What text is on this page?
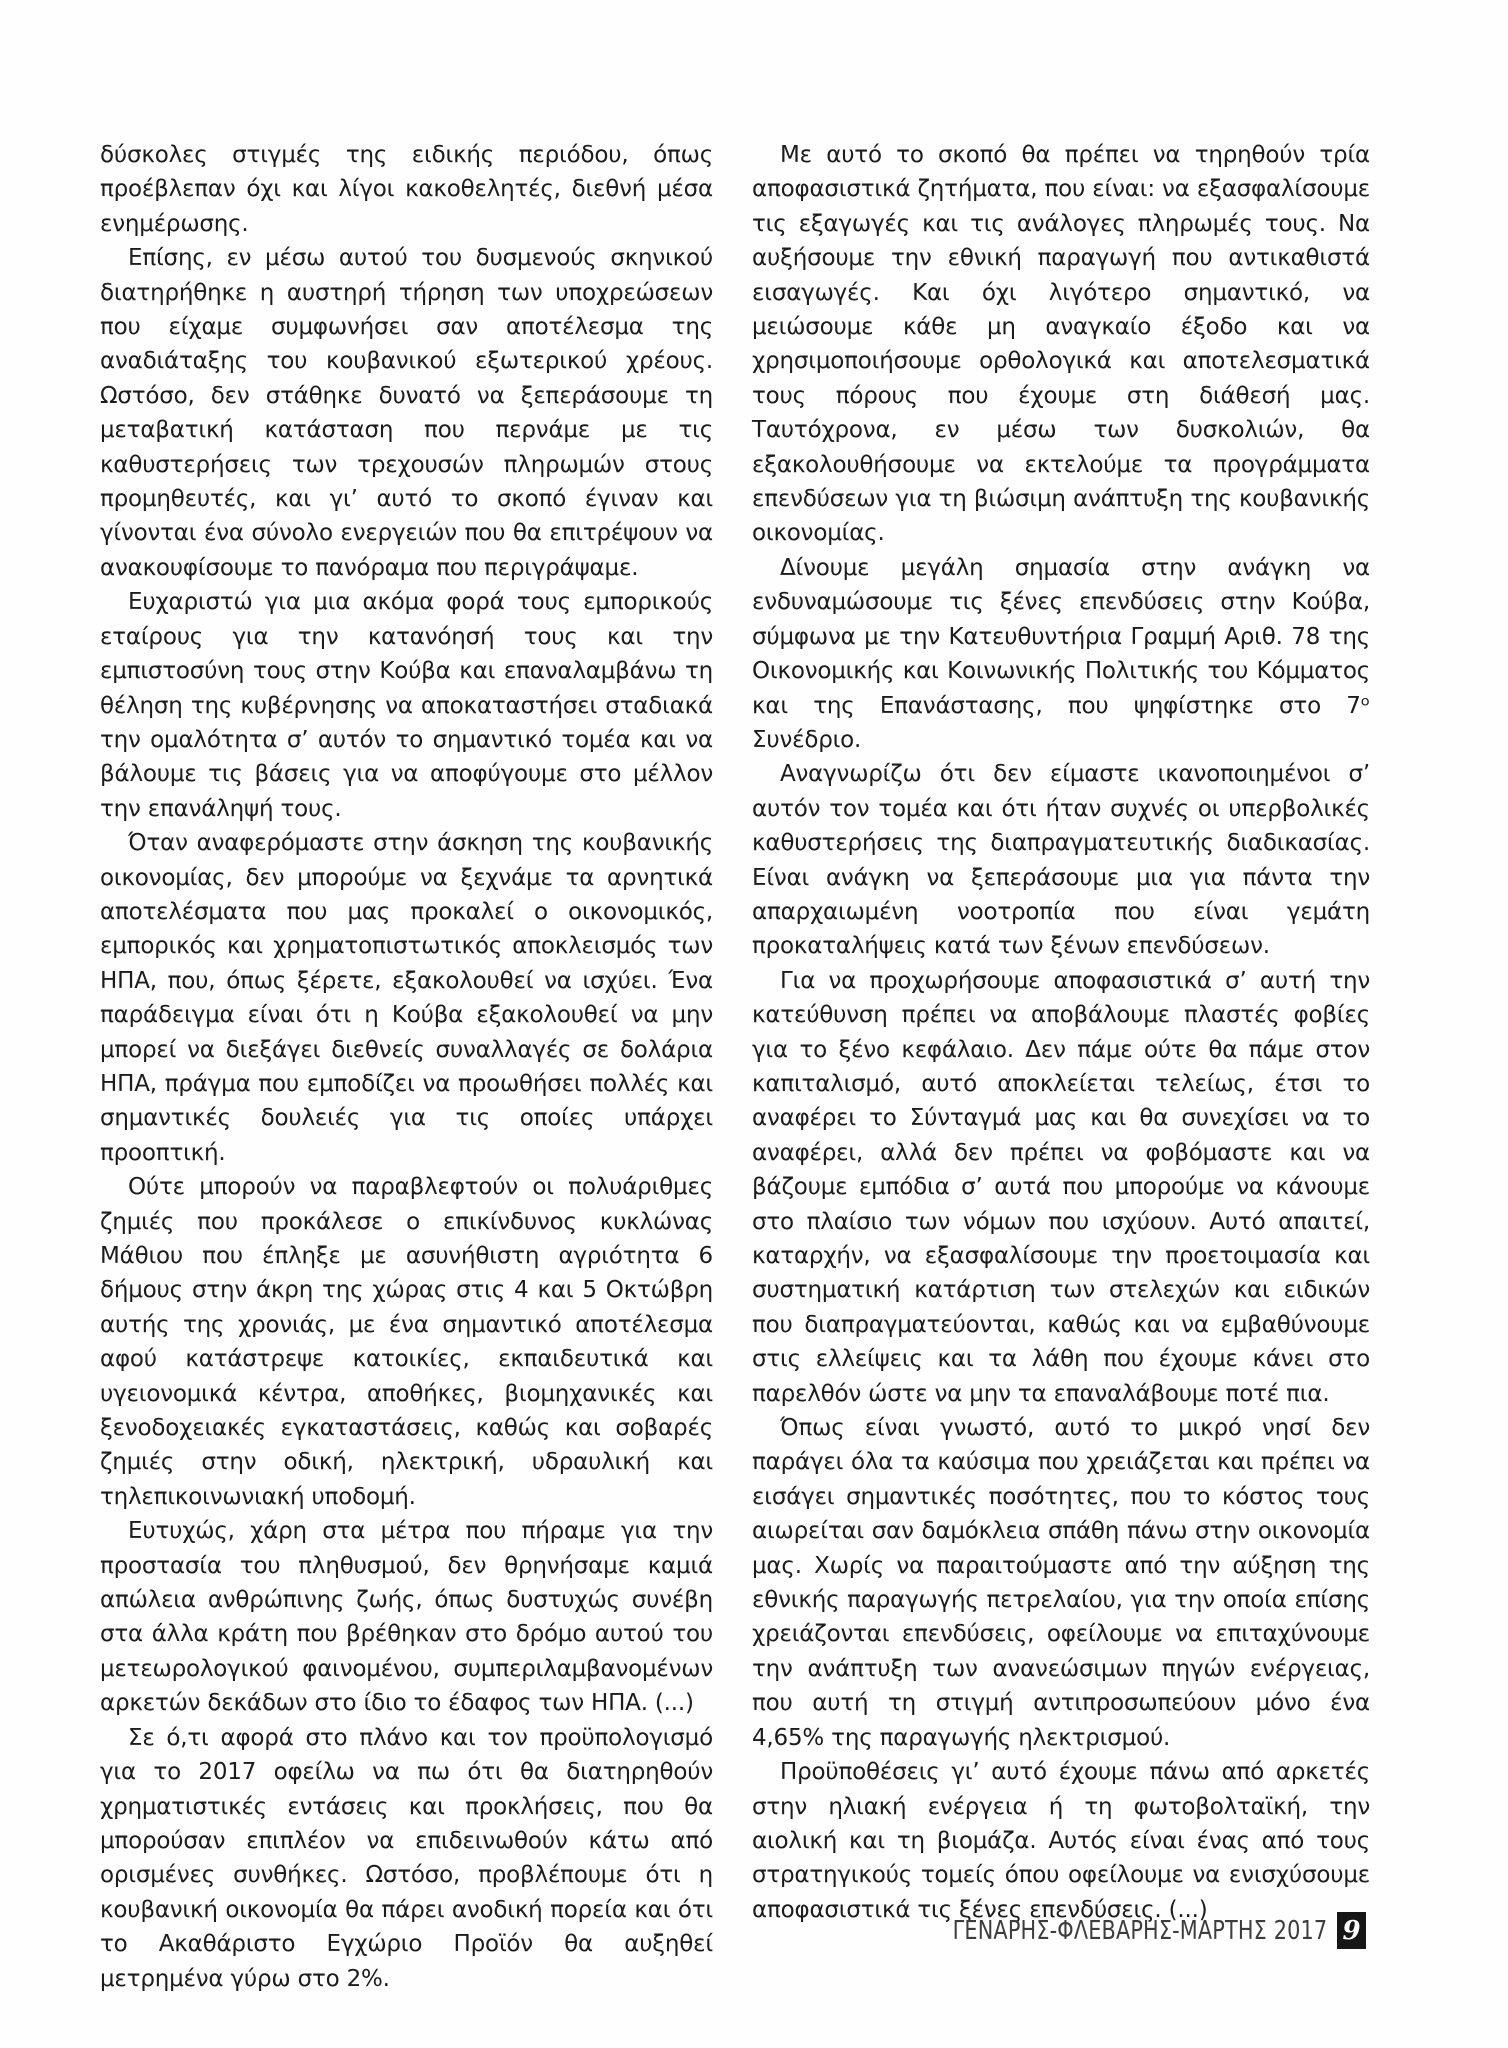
δύσκολες στιγμές της ειδικής περιόδου, όπως προέβλεπαν όχι και λίγοι κακοθελητές, διεθνή μέσα ενημέρωσης.

Επίσης, εν μέσω αυτού του δυσμενούς σκηνικού διατηρήθηκε η αυστηρή τήρηση των υποχρεώσεων που είχαμε συμφωνήσει σαν αποτέλεσμα της αναδιάταξης του κουβανικού εξωτερικού χρέους. Ωστόσο, δεν στάθηκε δυνατό να ξεπεράσουμε τη μεταβατική κατάσταση που περνάμε με τις καθυστερήσεις των τρεχουσών πληρωμών στους προμηθευτές, και γι’ αυτό το σκοπό έγιναν και γίνονται ένα σύνολο ενεργειών που θα επιτρέψουν να ανακουφίσουμε το πανόραμα που περιγράψαμε.

Ευχαριστώ για μια ακόμα φορά τους εμπορικούς εταίρους για την κατανόησή τους και την εμπιστοσύνη τους στην Κούβα και επαναλαμβάνω τη θέληση της κυβέρνησης να αποκαταστήσει σταδιακά την ομαλότητα σ’ αυτόν το σημαντικό τομέα και να βάλουμε τις βάσεις για να αποφύγουμε στο μέλλον την επανάληψή τους.

Όταν αναφερόμαστε στην άσκηση της κουβανικής οικονομίας, δεν μπορούμε να ξεχνάμε τα αρνητικά αποτελέσματα που μας προκαλεί ο οικονομικός, εμπορικός και χρηματοπιστωτικός αποκλεισμός των ΗΠΑ, που, όπως ξέρετε, εξακολουθεί να ισχύει. Ένα παράδειγμα είναι ότι η Κούβα εξακολουθεί να μην μπορεί να διεξάγει διεθνείς συναλλαγές σε δολάρια ΗΠΑ, πράγμα που εμποδίζει να προωθήσει πολλές και σημαντικές δουλειές για τις οποίες υπάρχει προοπτική.

Ούτε μπορούν να παραβλεφτούν οι πολυάριθμες ζημιές που προκάλεσε ο επικίνδυνος κυκλώνας Μάθιου που έπληξε με ασυνήθιστη αγριότητα 6 δήμους στην άκρη της χώρας στις 4 και 5 Οκτώβρη αυτής της χρονιάς, με ένα σημαντικό αποτέλεσμα αφού κατάστρεψε κατοικίες, εκπαιδευτικά και υγειονομικά κέντρα, αποθήκες, βιομηχανικές και ξενοδοχειακές εγκαταστάσεις, καθώς και σοβαρές ζημιές στην οδική, ηλεκτρική, υδραυλική και τηλεπικοινωνιακή υποδομή.

Ευτυχώς, χάρη στα μέτρα που πήραμε για την προστασία του πληθυσμού, δεν θρηνήσαμε καμιά απώλεια ανθρώπινης ζωής, όπως δυστυχώς συνέβη στα άλλα κράτη που βρέθηκαν στο δρόμο αυτού του μετεωρολογικού φαινομένου, συμπεριλαμβανομένων αρκετών δεκάδων στο ίδιο το έδαφος των ΗΠΑ. (...)

Σε ό,τι αφορά στο πλάνο και τον προϋπολογισμό για το 2017 οφείλω να πω ότι θα διατηρηθούν χρηματιστικές εντάσεις και προκλήσεις, που θα μπορούσαν επιπλέον να επιδεινωθούν κάτω από ορισμένες συνθήκες. Ωστόσο, προβλέπουμε ότι η κουβανική οικονομία θα πάρει ανοδική πορεία και ότι το Ακαθάριστο Εγχώριο Προϊόν θα αυξηθεί μετρημένα γύρω στο 2%.

Με αυτό το σκοπό θα πρέπει να τηρηθούν τρία αποφασιστικά ζητήματα, που είναι: να εξασφαλίσουμε τις εξαγωγές και τις ανάλογες πληρωμές τους. Να αυξήσουμε την εθνική παραγωγή που αντικαθιστά εισαγωγές. Και όχι λιγότερο σημαντικό, να μειώσουμε κάθε μη αναγκαίο έξοδο και να χρησιμοποιήσουμε ορθολογικά και αποτελεσματικά τους πόρους που έχουμε στη διάθεσή μας. Ταυτόχρονα, εν μέσω των δυσκολιών, θα εξακολουθήσουμε να εκτελούμε τα προγράμματα επενδύσεων για τη βιώσιμη ανάπτυξη της κουβανικής οικονομίας.

Δίνουμε μεγάλη σημασία στην ανάγκη να ενδυναμώσουμε τις ξένες επενδύσεις στην Κούβα, σύμφωνα με την Κατευθυντήρια Γραμμή Αριθ. 78 της Οικονομικής και Κοινωνικής Πολιτικής του Κόμματος και της Επανάστασης, που ψηφίστηκε στο 7ᵒ Συνέδριο.

Αναγνωρίζω ότι δεν είμαστε ικανοποιημένοι σ’ αυτόν τον τομέα και ότι ήταν συχνές οι υπερβολικές καθυστερήσεις της διαπραγματευτικής διαδικασίας. Είναι ανάγκη να ξεπεράσουμε μια για πάντα την απαρχαιωμένη νοοτροπία που είναι γεμάτη προκαταλήψεις κατά των ξένων επενδύσεων.

Για να προχωρήσουμε αποφασιστικά σ’ αυτή την κατεύθυνση πρέπει να αποβάλουμε πλαστές φοβίες για το ξένο κεφάλαιο. Δεν πάμε ούτε θα πάμε στον καπιταλισμό, αυτό αποκλείεται τελείως, έτσι το αναφέρει το Σύνταγμά μας και θα συνεχίσει να το αναφέρει, αλλά δεν πρέπει να φοβόμαστε και να βάζουμε εμπόδια σ’ αυτά που μπορούμε να κάνουμε στο πλαίσιο των νόμων που ισχύουν. Αυτό απαιτεί, καταρχήν, να εξασφαλίσουμε την προετοιμασία και συστηματική κατάρτιση των στελεχών και ειδικών που διαπραγματεύονται, καθώς και να εμβαθύνουμε στις ελλείψεις και τα λάθη που έχουμε κάνει στο παρελθόν ώστε να μην τα επαναλάβουμε ποτέ πια.

Όπως είναι γνωστό, αυτό το μικρό νησί δεν παράγει όλα τα καύσιμα που χρειάζεται και πρέπει να εισάγει σημαντικές ποσότητες, που το κόστος τους αιωρείται σαν δαμόκλεια σπάθη πάνω στην οικονομία μας. Χωρίς να παραιτούμαστε από την αύξηση της εθνικής παραγωγής πετρελαίου, για την οποία επίσης χρειάζονται επενδύσεις, οφείλουμε να επιταχύνουμε την ανάπτυξη των ανανεώσιμων πηγών ενέργειας, που αυτή τη στιγμή αντιπροσωπεύουν μόνο ένα 4,65% της παραγωγής ηλεκτρισμού.

Προϋποθέσεις γι’ αυτό έχουμε πάνω από αρκετές στην ηλιακή ενέργεια ή τη φωτοβολταϊκή, την αιολική και τη βιομάζα. Αυτός είναι ένας από τους στρατηγικούς τομείς όπου οφείλουμε να ενισχύσουμε αποφασιστικά τις ξένες επενδύσεις. (...)

ΓΕΝΑΡΗΣ-ΦΛΕΒΑΡΗΣ-ΜΑΡΤΗΣ 2017 9
